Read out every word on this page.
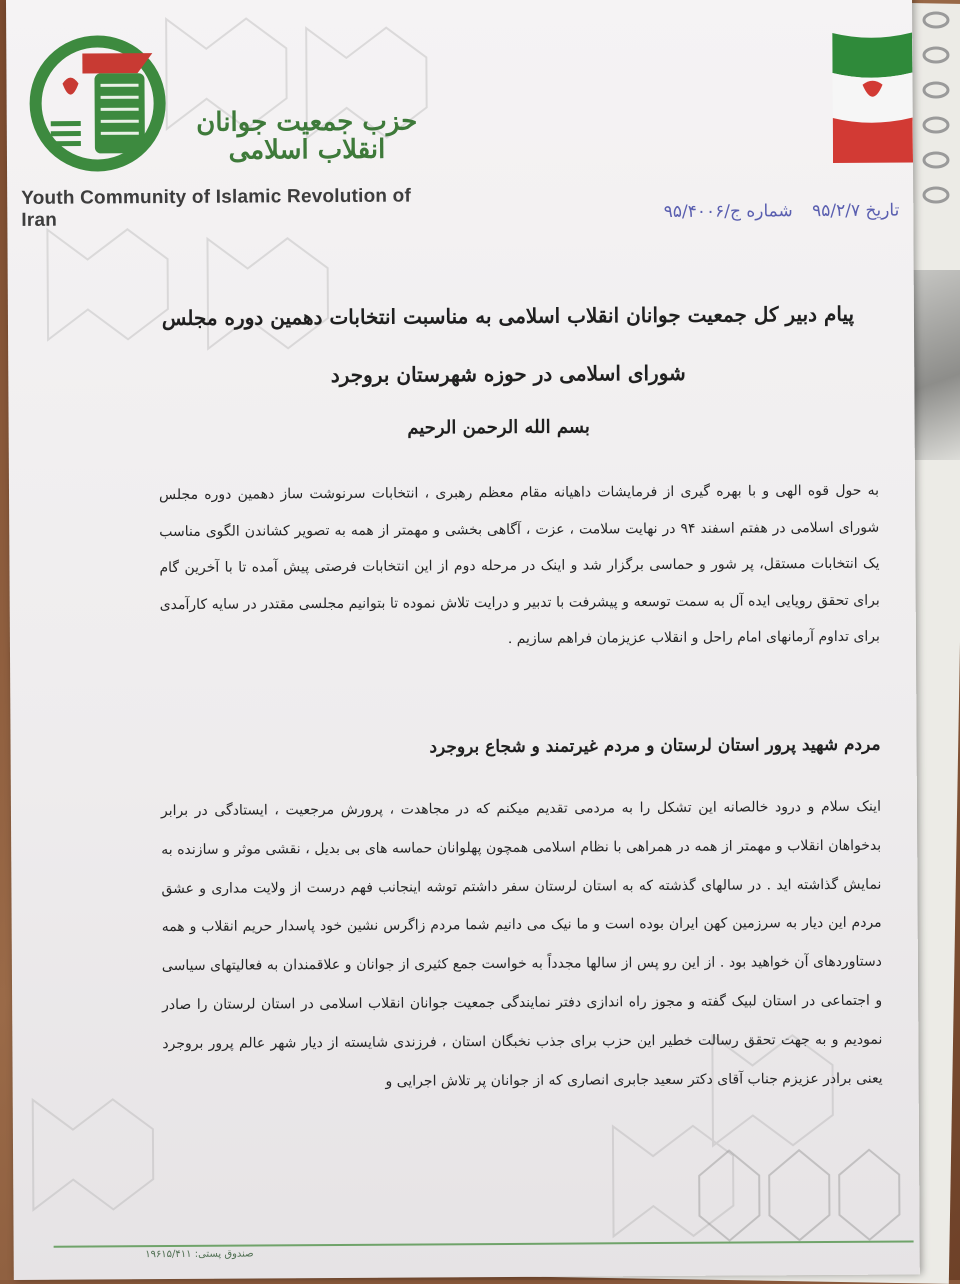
حزب جمعیت جوانان انقلاب اسلامی
Youth Community of Islamic Revolution of Iran	تاریخ ۹۵/۲/۷ شماره ج/۹۵/۴۰۰۶
پیام دبیر کل جمعیت جوانان انقلاب اسلامی به مناسبت انتخابات دهمین دوره مجلس
شورای اسلامی در حوزه شهرستان بروجرد
بسم الله الرحمن الرحیم
به حول قوه الهی و با بهره گیری از فرمایشات داهیانه مقام معظم رهبری ، انتخابات سرنوشت ساز دهمین دوره مجلس شورای اسلامی در هفتم اسفند ۹۴ در نهایت سلامت ، عزت ، آگاهی بخشی و مهمتر از همه به تصویر کشاندن الگوی مناسب یک انتخابات مستقل، پر شور و حماسی برگزار شد و اینک در مرحله دوم از این انتخابات فرصتی پیش آمده تا با آخرین گام برای تحقق رویایی ایده آل به سمت توسعه و پیشرفت با تدبیر و درایت تلاش نموده تا بتوانیم مجلسی مقتدر در سایه کارآمدی برای تداوم آرمانهای امام راحل و انقلاب عزیزمان فراهم سازیم .
مردم شهید پرور استان لرستان و مردم غیرتمند و شجاع بروجرد
اینک سلام و درود خالصانه این تشکل را به مردمی تقدیم میکنم که در مجاهدت ، پرورش مرجعیت ، ایستادگی در برابر بدخواهان انقلاب و مهمتر از همه در همراهی با نظام اسلامی همچون پهلوانان حماسه های بی بدیل ، نقشی موثر و سازنده به نمایش گذاشته اید . در سالهای گذشته که به استان لرستان سفر داشتم توشه اینجانب فهم درست از ولایت مداری و عشق مردم این دیار به سرزمین کهن ایران بوده است و ما نیک می دانیم شما مردم زاگرس نشین خود پاسدار حریم انقلاب و همه دستاوردهای آن خواهید بود . از این رو پس از سالها مجدداً به خواست جمع کثیری از جوانان و علاقمندان به فعالیتهای سیاسی و اجتماعی در استان لبیک گفته و مجوز راه اندازی دفتر نمایندگی جمعیت جوانان انقلاب اسلامی در استان لرستان را صادر نمودیم و به جهت تحقق رسالت خطیر این حزب برای جذب نخبگان استان ، فرزندی شایسته از دیار شهر عالم پرور بروجرد یعنی برادر عزیزم جناب آقای دکتر سعید جابری انصاری که از جوانان پر تلاش اجرایی و
صندوق پستی: ۱۹۶۱۵/۴۱۱
